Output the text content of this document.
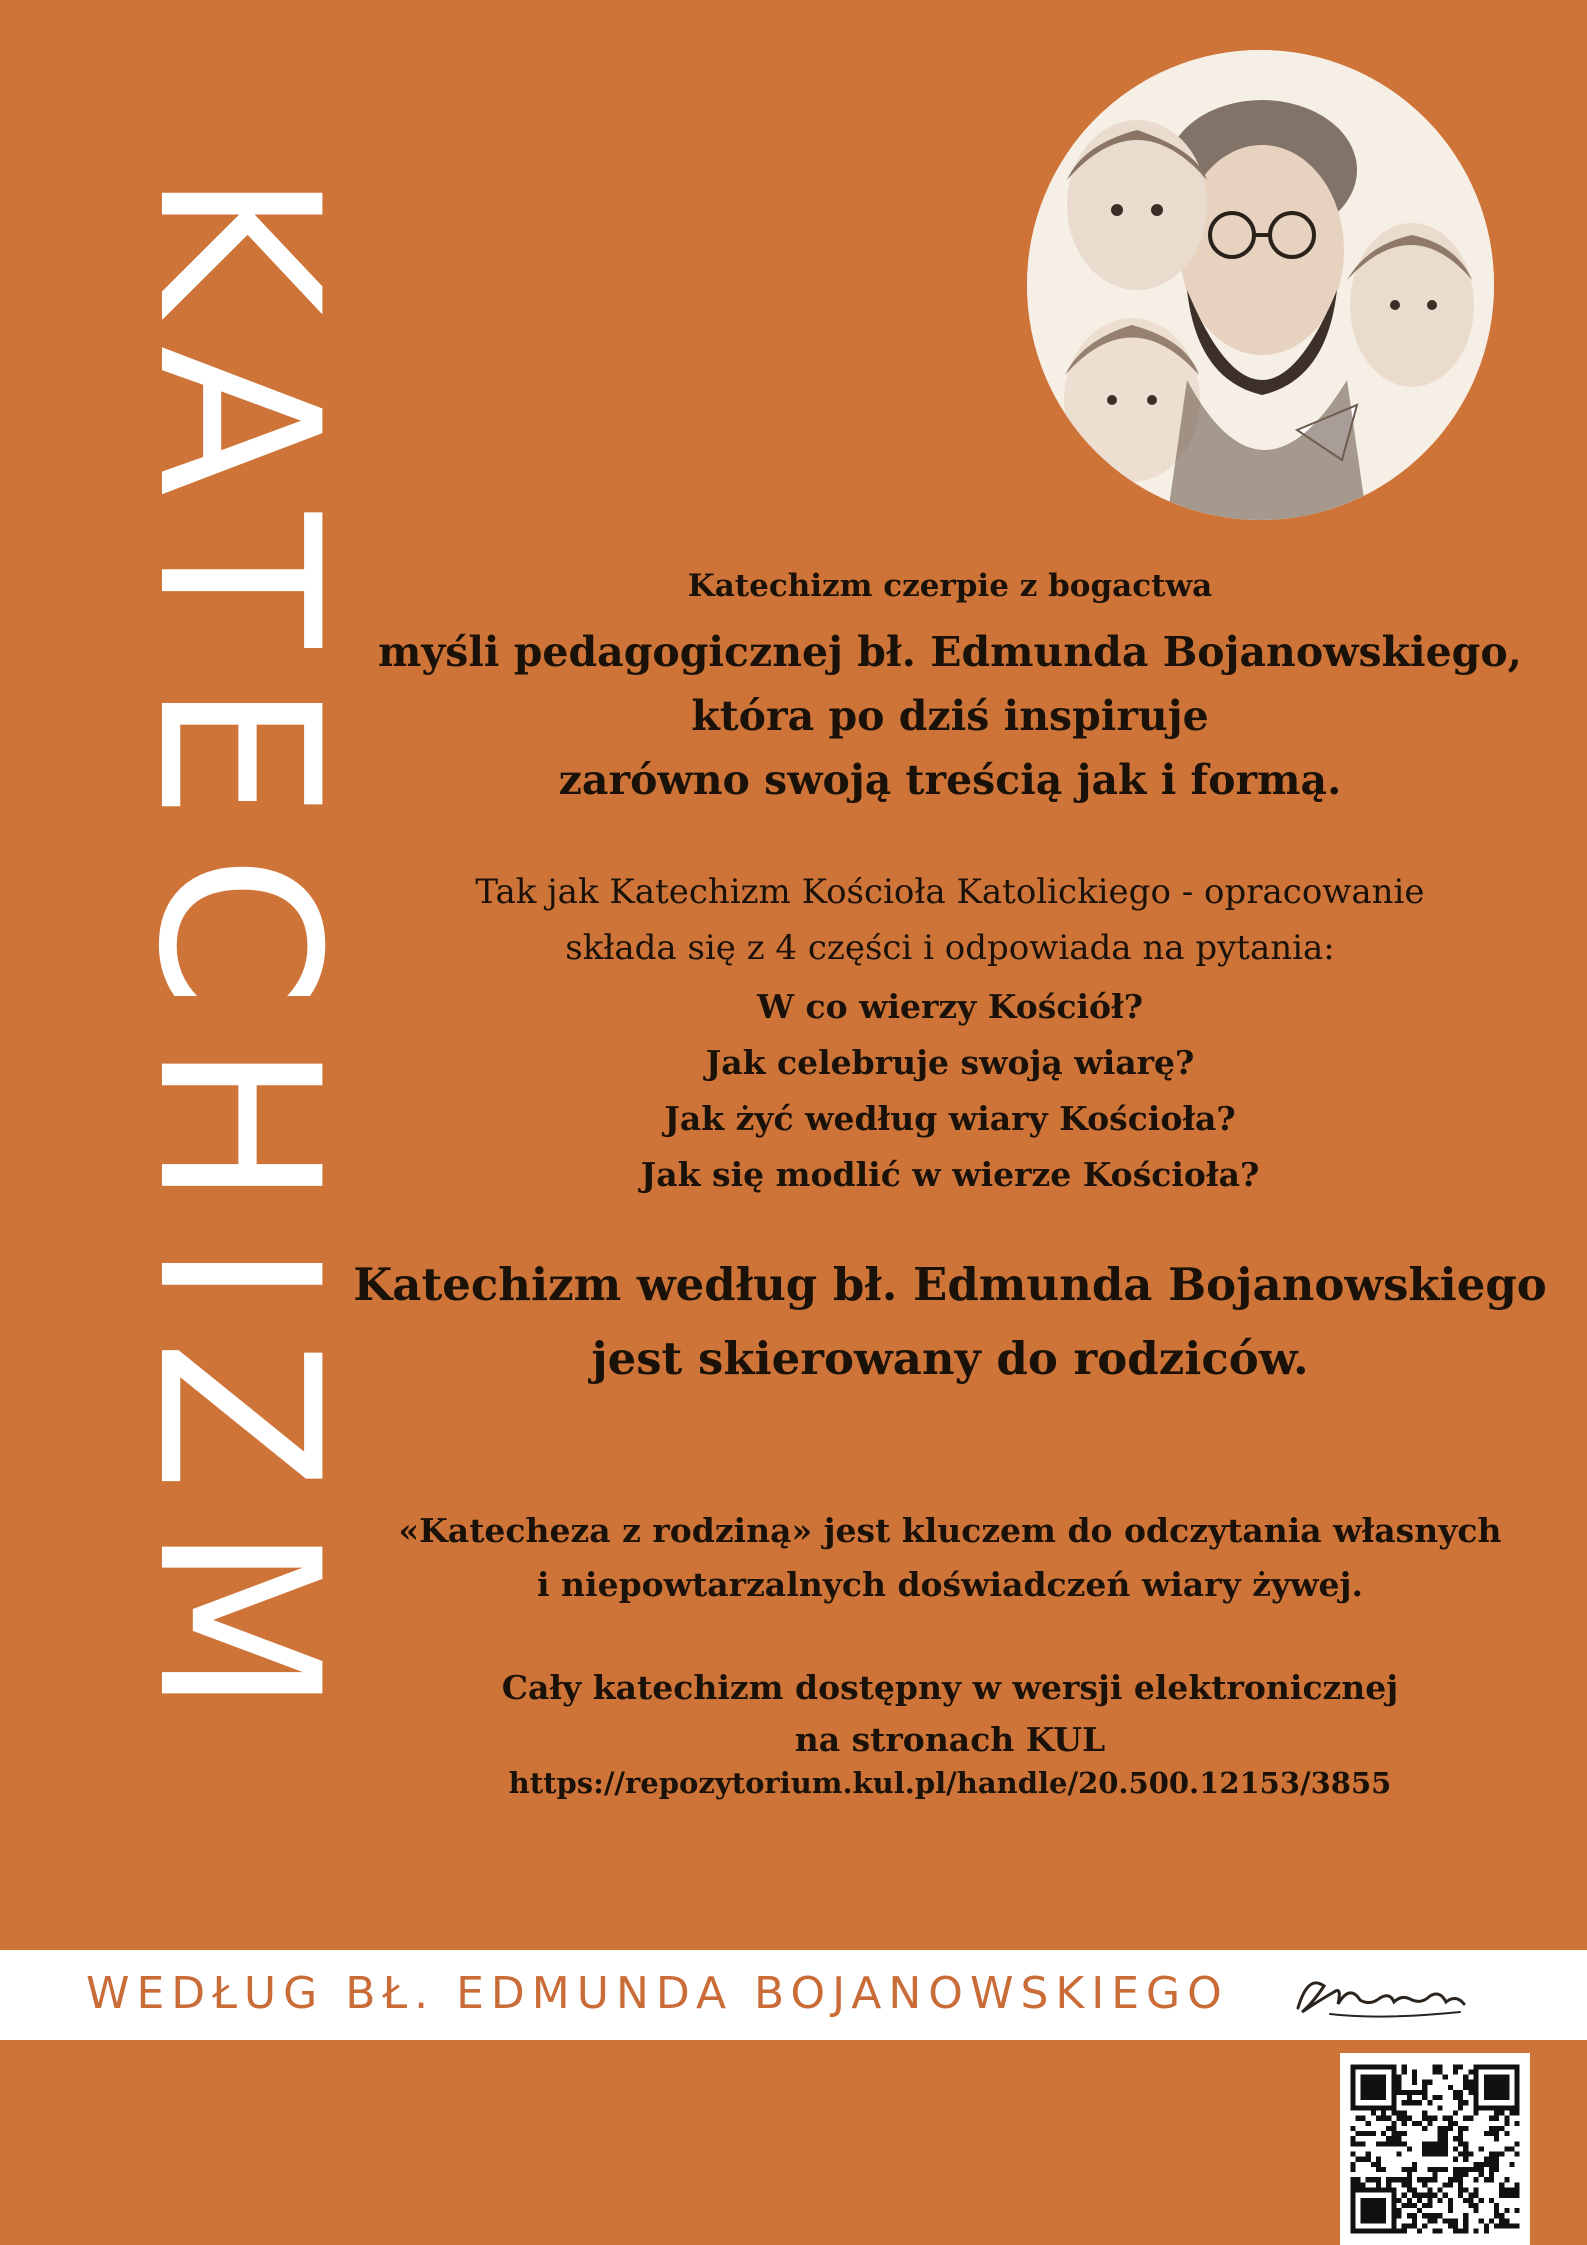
KATECHIZM	Katechizm czerpie z bogactwa
myśli pedagogicznej bł. Edmunda Bojanowskiego,
która po dziś inspiruje
zarówno swoją treścią jak i formą.
Tak jak Katechizm Kościoła Katolickiego - opracowanie
składa się z 4 części i odpowiada na pytania:
W co wierzy Kościół?
Jak celebruje swoją wiarę?
Jak żyć według wiary Kościoła?
Jak się modlić w wierze Kościoła?
Katechizm według bł. Edmunda Bojanowskiego
jest skierowany do rodziców.
«Katecheza z rodziną» jest kluczem do odczytania własnych
i niepowtarzalnych doświadczeń wiary żywej.
Cały katechizm dostępny w wersji elektronicznej
na stronach KUL
https://repozytorium.kul.pl/handle/20.500.12153/3855
WEDŁUG BŁ. EDMUNDA BOJANOWSKIEGO
